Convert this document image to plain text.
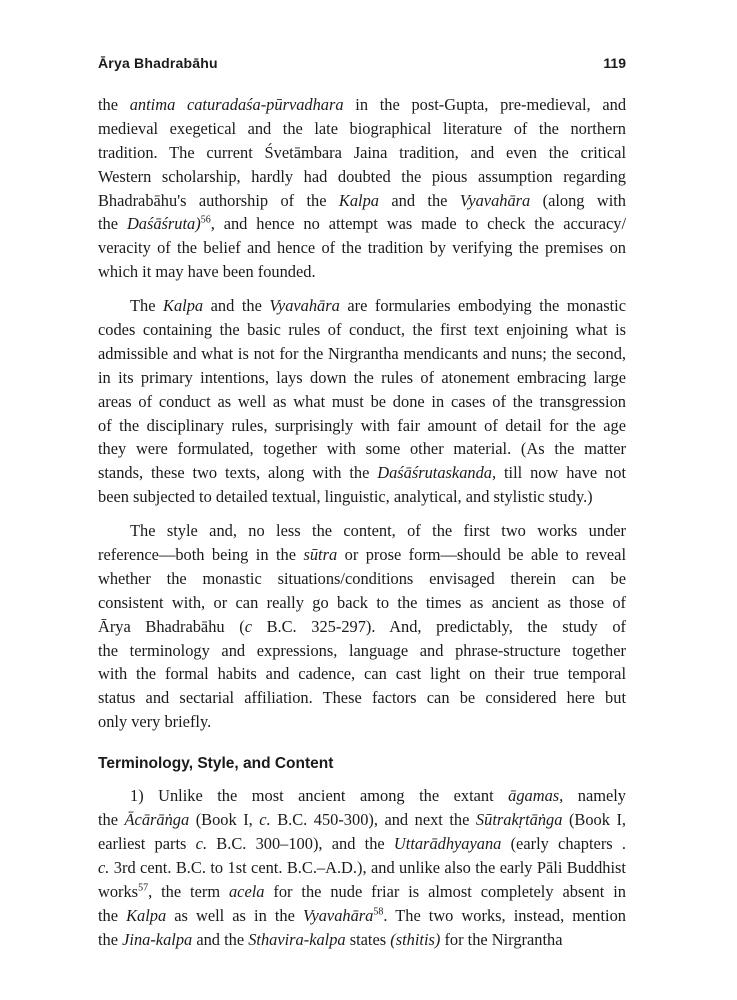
Ārya Bhadrabāhu	119
the antima caturadaśa-pūrvadhara in the post-Gupta, pre-medieval, and
medieval exegetical and the late biographical literature of the northern
tradition. The current Śvetāmbara Jaina tradition, and even the critical
Western scholarship, hardly had doubted the pious assumption regarding
Bhadrabāhu's authorship of the Kalpa and the Vyavahāra (along with
the Daśāśruta)$^{56}$, and hence no attempt was made to check the accuracy/
veracity of the belief and hence of the tradition by verifying the premises on
which it may have been founded.
The Kalpa and the Vyavahāra are formularies embodying the monastic
codes containing the basic rules of conduct, the first text enjoining what is
admissible and what is not for the Nirgrantha mendicants and nuns; the second,
in its primary intentions, lays down the rules of atonement embracing large
areas of conduct as well as what must be done in cases of the transgression
of the disciplinary rules, surprisingly with fair amount of detail for the age
they were formulated, together with some other material. (As the matter
stands, these two texts, along with the Daśāśrutaskanda, till now have not
been subjected to detailed textual, linguistic, analytical, and stylistic study.)
The style and, no less the content, of the first two works under
reference—both being in the sūtra or prose form—should be able to reveal
whether the monastic situations/conditions envisaged therein can be
consistent with, or can really go back to the times as ancient as those of
Ārya Bhadrabāhu (c B.C. 325-297). And, predictably, the study of
the terminology and expressions, language and phrase-structure together
with the formal habits and cadence, can cast light on their true temporal
status and sectarial affiliation. These factors can be considered here but
only very briefly.
Terminology, Style, and Content
1) Unlike the most ancient among the extant āgamas, namely
the Ācārāṅga (Book I, c. B.C. 450-300), and next the Sūtrakṛtāṅga (Book I,
earliest parts c. B.C. 300–100), and the Uttarādhyayana (early chapters .
c. 3rd cent. B.C. to 1st cent. B.C.–A.D.), and unlike also the early Pāli Buddhist
works$^{57}$, the term acela for the nude friar is almost completely absent in
the Kalpa as well as in the Vyavahāra$^{58}$. The two works, instead, mention
the Jina-kalpa and the Sthavira-kalpa states (sthitis) for the Nirgrantha
